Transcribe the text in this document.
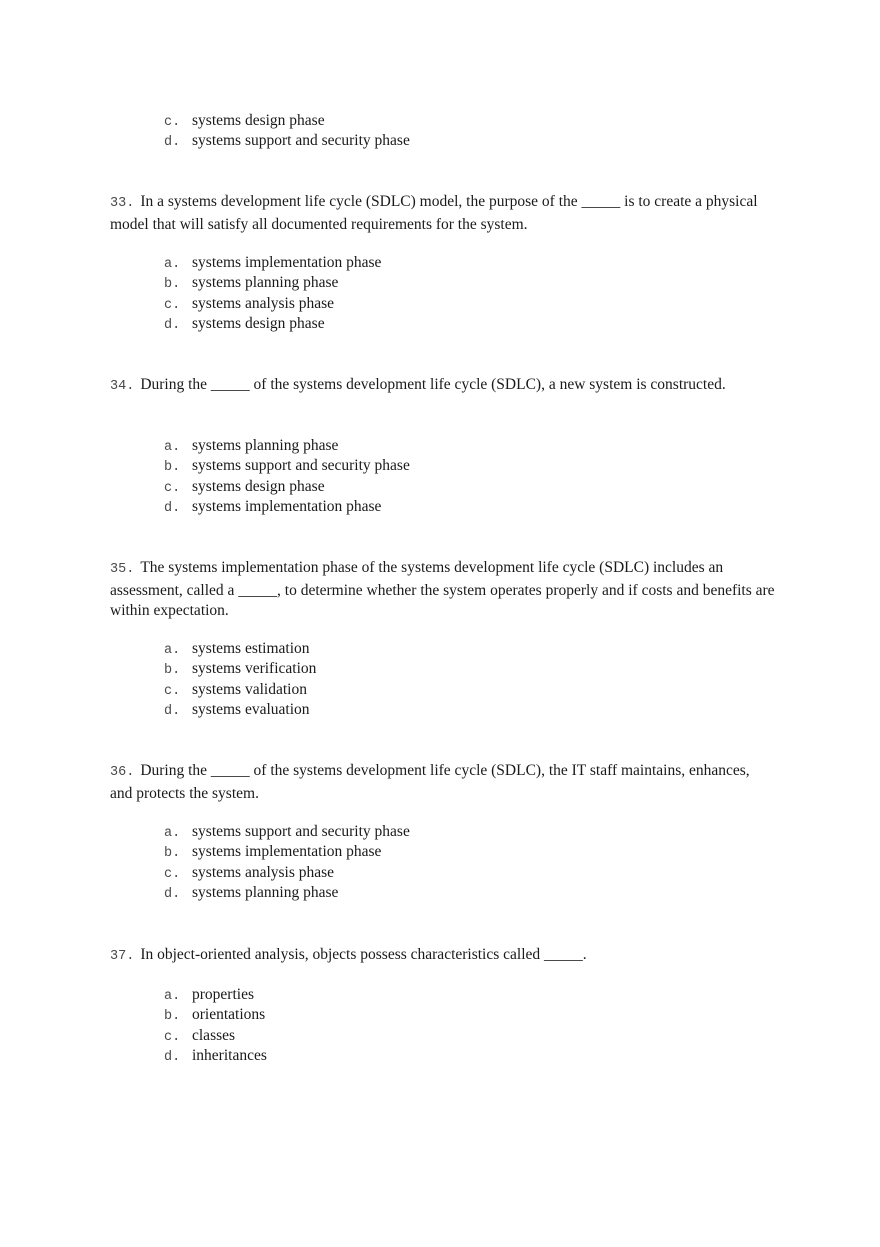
c. systems design phase
d. systems support and security phase
33. In a systems development life cycle (SDLC) model, the purpose of the _____ is to create a physical model that will satisfy all documented requirements for the system.
a. systems implementation phase
b. systems planning phase
c. systems analysis phase
d. systems design phase
34. During the _____ of the systems development life cycle (SDLC), a new system is constructed.
a. systems planning phase
b. systems support and security phase
c. systems design phase
d. systems implementation phase
35. The systems implementation phase of the systems development life cycle (SDLC) includes an assessment, called a _____, to determine whether the system operates properly and if costs and benefits are within expectation.
a. systems estimation
b. systems verification
c. systems validation
d. systems evaluation
36. During the _____ of the systems development life cycle (SDLC), the IT staff maintains, enhances, and protects the system.
a. systems support and security phase
b. systems implementation phase
c. systems analysis phase
d. systems planning phase
37. In object-oriented analysis, objects possess characteristics called _____.
a. properties
b. orientations
c. classes
d. inheritances
